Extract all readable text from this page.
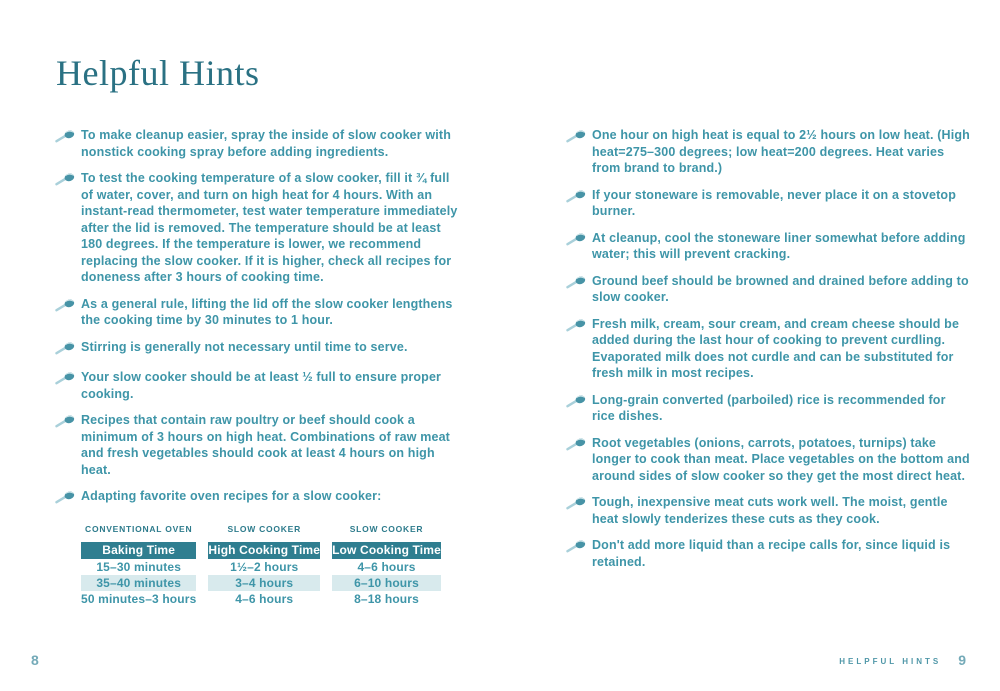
Helpful Hints

To make cleanup easier, spray the inside of slow cooker with nonstick cooking spray before adding ingredients.

To test the cooking temperature of a slow cooker, fill it ¾ full of water, cover, and turn on high heat for 4 hours. With an instant-read thermometer, test water temperature immediately after the lid is removed. The temperature should be at least 180 degrees. If the temperature is lower, we recommend replacing the slow cooker. If it is higher, check all recipes for doneness after 3 hours of cooking time.

As a general rule, lifting the lid off the slow cooker lengthens the cooking time by 30 minutes to 1 hour.

Stirring is generally not necessary until time to serve.

Your slow cooker should be at least ½ full to ensure proper cooking.

Recipes that contain raw poultry or beef should cook a minimum of 3 hours on high heat. Combinations of raw meat and fresh vegetables should cook at least 4 hours on high heat.

Adapting favorite oven recipes for a slow cooker:

CONVENTIONAL OVEN
Baking Time
15–30 minutes
35–40 minutes
50 minutes–3 hours
SLOW COOKER
High Cooking Time
1½–2 hours
3–4 hours
4–6 hours
SLOW COOKER
Low Cooking Time
4–6 hours
6–10 hours
8–18 hours

One hour on high heat is equal to 2½ hours on low heat. (High heat=275–300 degrees; low heat=200 degrees. Heat varies from brand to brand.)

If your stoneware is removable, never place it on a stovetop burner.

At cleanup, cool the stoneware liner somewhat before adding water; this will prevent cracking.

Ground beef should be browned and drained before adding to slow cooker.

Fresh milk, cream, sour cream, and cream cheese should be added during the last hour of cooking to prevent curdling. Evaporated milk does not curdle and can be substituted for fresh milk in most recipes.

Long-grain converted (parboiled) rice is recommended for rice dishes.

Root vegetables (onions, carrots, potatoes, turnips) take longer to cook than meat. Place vegetables on the bottom and around sides of slow cooker so they get the most direct heat.

Tough, inexpensive meat cuts work well. The moist, gentle heat slowly tenderizes these cuts as they cook.

Don't add more liquid than a recipe calls for, since liquid is retained.

8	HELPFUL HINTS 9
